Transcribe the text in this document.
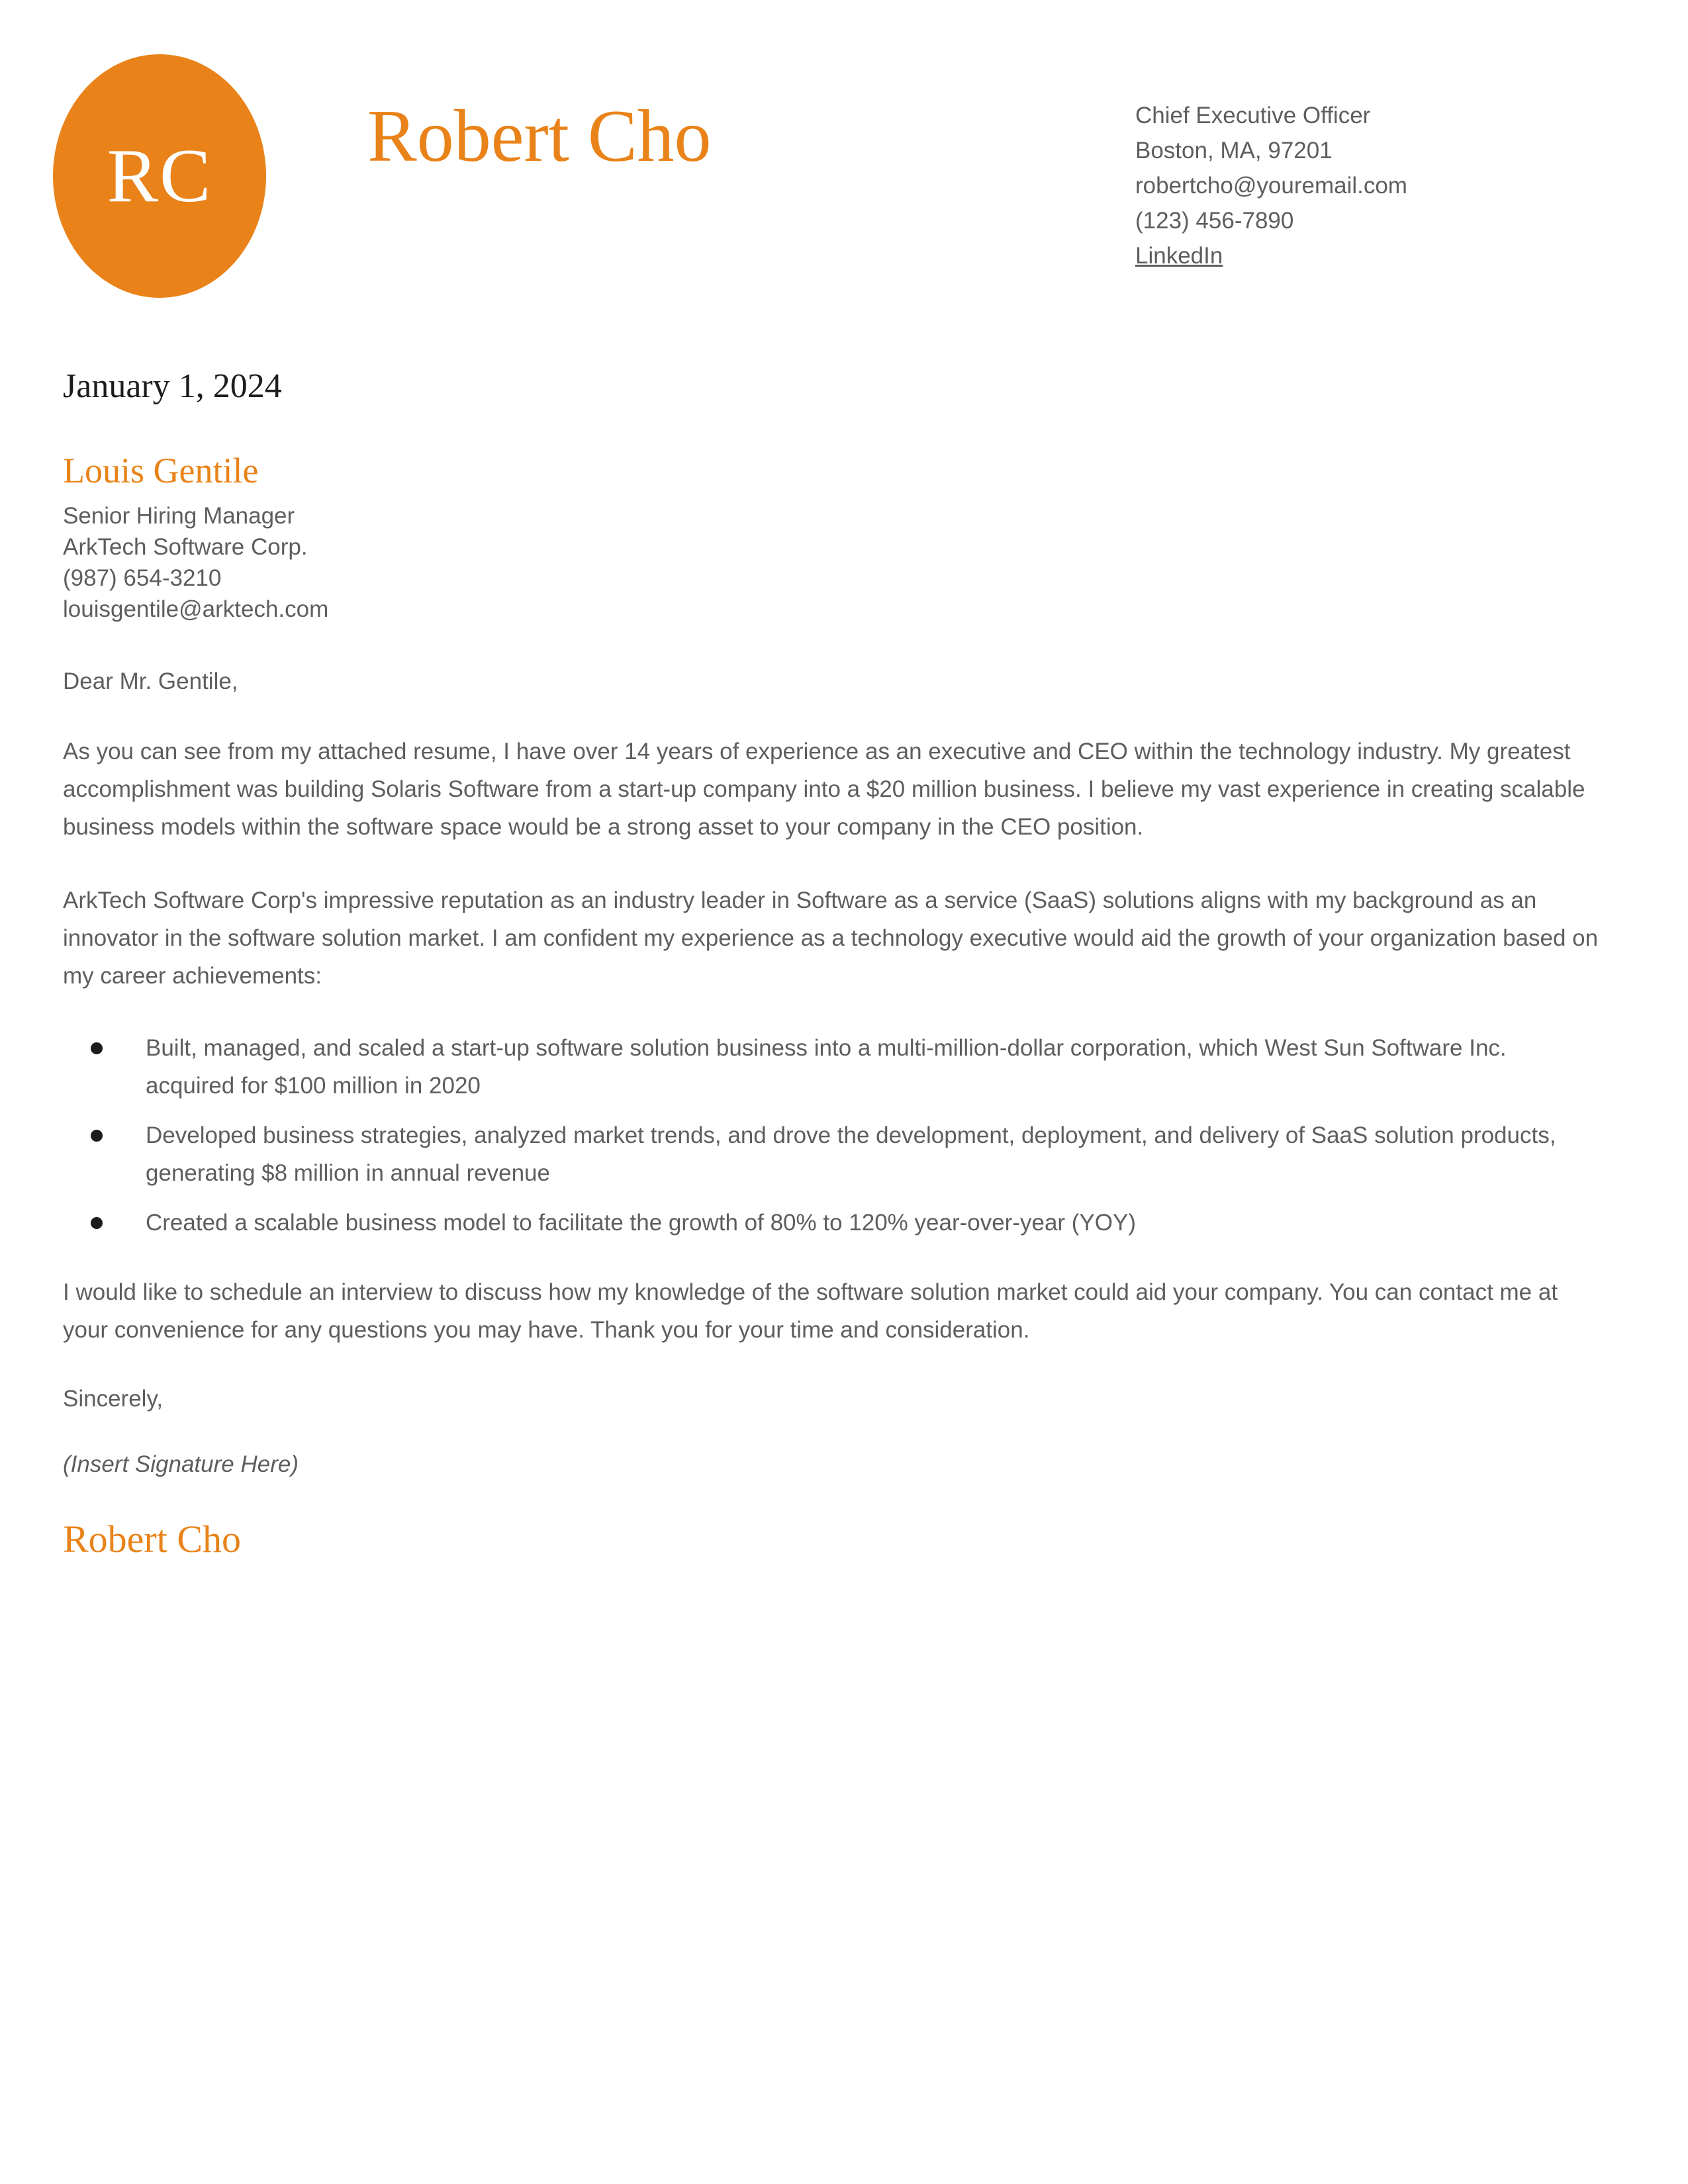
RC Robert Cho	Chief Executive Officer
Boston, MA, 97201
robertcho@youremail.com
(123) 456-7890
LinkedIn
January 1, 2024
Louis Gentile
Senior Hiring Manager
ArkTech Software Corp.
(987) 654-3210
louisgentile@arktech.com
Dear Mr. Gentile,
As you can see from my attached resume, I have over 14 years of experience as an executive and CEO within the technology industry. My greatest accomplishment was building Solaris Software from a start-up company into a $20 million business. I believe my vast experience in creating scalable business models within the software space would be a strong asset to your company in the CEO position.
ArkTech Software Corp's impressive reputation as an industry leader in Software as a service (SaaS) solutions aligns with my background as an innovator in the software solution market. I am confident my experience as a technology executive would aid the growth of your organization based on my career achievements:
Built, managed, and scaled a start-up software solution business into a multi-million-dollar corporation, which West Sun Software Inc. acquired for $100 million in 2020
Developed business strategies, analyzed market trends, and drove the development, deployment, and delivery of SaaS solution products, generating $8 million in annual revenue
Created a scalable business model to facilitate the growth of 80% to 120% year-over-year (YOY)
I would like to schedule an interview to discuss how my knowledge of the software solution market could aid your company. You can contact me at your convenience for any questions you may have. Thank you for your time and consideration.
Sincerely,
(Insert Signature Here)
Robert Cho
